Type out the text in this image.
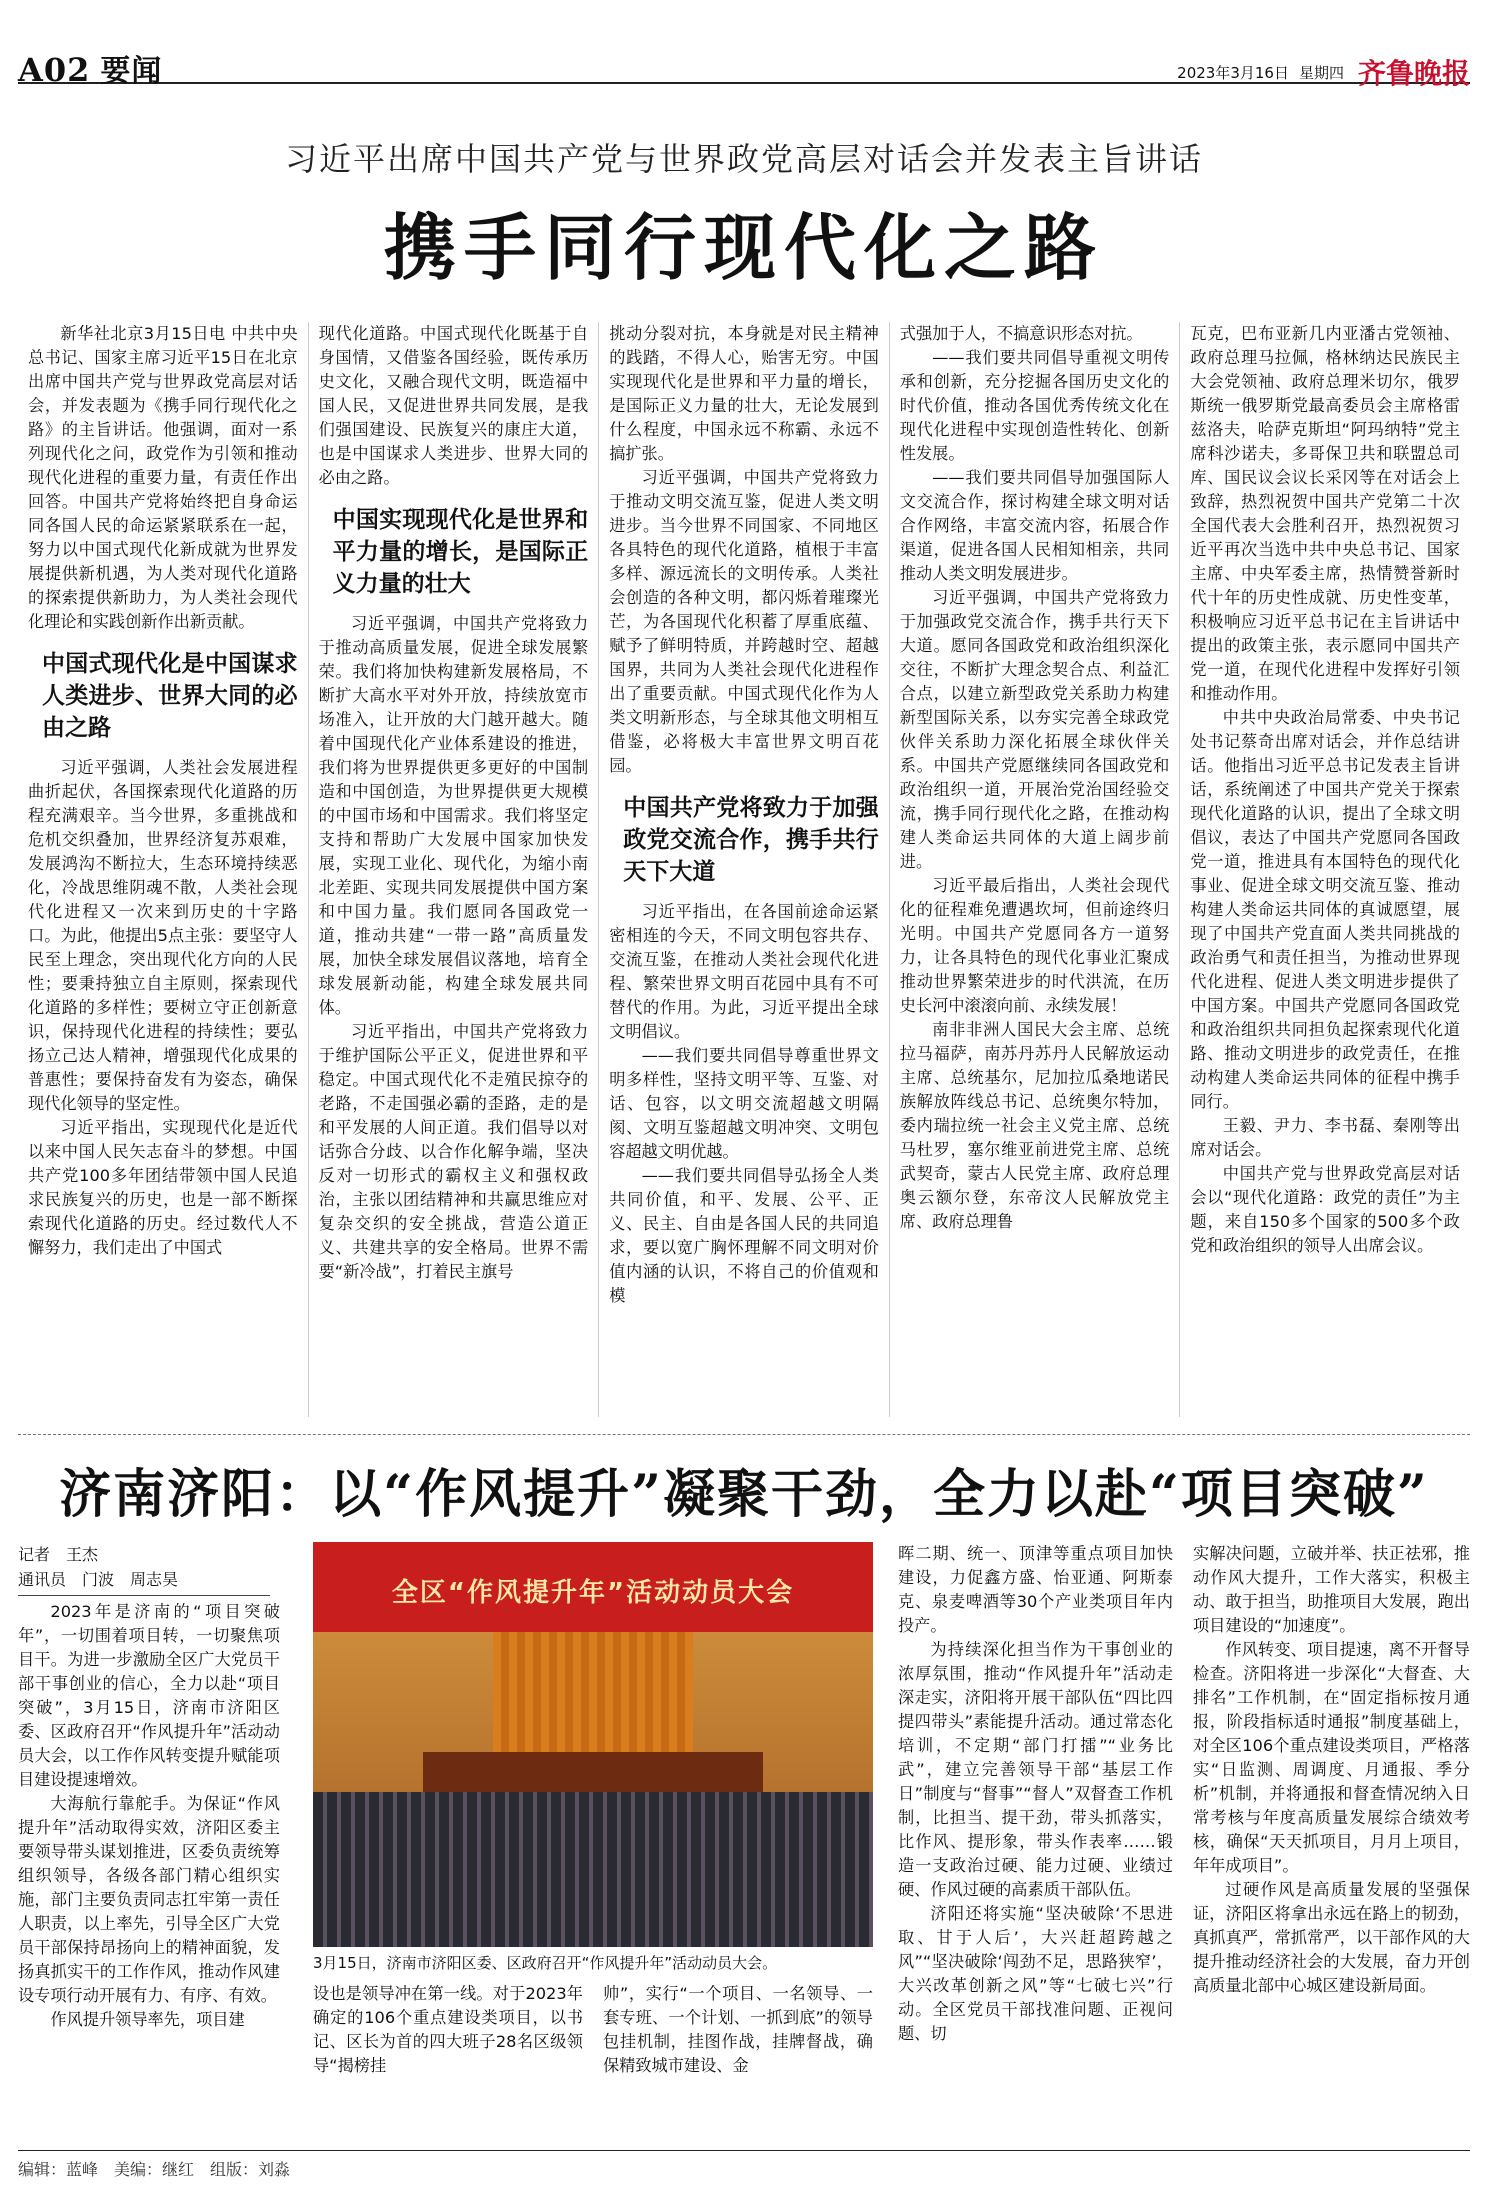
A02 要闻	2023年3月16日 星期四 齐鲁晚报
习近平出席中国共产党与世界政党高层对话会并发表主旨讲话
携手同行现代化之路

新华社北京3月15日电 中共中央总书记、国家主席习近平15日在北京出席中国共产党与世界政党高层对话会，并发表题为《携手同行现代化之路》的主旨讲话。他强调，面对一系列现代化之问，政党作为引领和推动现代化进程的重要力量，有责任作出回答。中国共产党将始终把自身命运同各国人民的命运紧紧联系在一起，努力以中国式现代化新成就为世界发展提供新机遇，为人类对现代化道路的探索提供新助力，为人类社会现代化理论和实践创新作出新贡献。

中国式现代化是中国谋求人类进步、世界大同的必由之路

习近平强调，人类社会发展进程曲折起伏，各国探索现代化道路的历程充满艰辛。当今世界，多重挑战和危机交织叠加，世界经济复苏艰难，发展鸿沟不断拉大，生态环境持续恶化，冷战思维阴魂不散，人类社会现代化进程又一次来到历史的十字路口。为此，他提出5点主张：要坚守人民至上理念，突出现代化方向的人民性；要秉持独立自主原则，探索现代化道路的多样性；要树立守正创新意识，保持现代化进程的持续性；要弘扬立己达人精神，增强现代化成果的普惠性；要保持奋发有为姿态，确保现代化领导的坚定性。

习近平指出，实现现代化是近代以来中国人民矢志奋斗的梦想。中国共产党100多年团结带领中国人民追求民族复兴的历史，也是一部不断探索现代化道路的历史。经过数代人不懈努力，我们走出了中国式

现代化道路。中国式现代化既基于自身国情，又借鉴各国经验，既传承历史文化，又融合现代文明，既造福中国人民，又促进世界共同发展，是我们强国建设、民族复兴的康庄大道，也是中国谋求人类进步、世界大同的必由之路。

中国实现现代化是世界和平力量的增长，是国际正义力量的壮大

习近平强调，中国共产党将致力于推动高质量发展，促进全球发展繁荣。我们将加快构建新发展格局，不断扩大高水平对外开放，持续放宽市场准入，让开放的大门越开越大。随着中国现代化产业体系建设的推进，我们将为世界提供更多更好的中国制造和中国创造，为世界提供更大规模的中国市场和中国需求。我们将坚定支持和帮助广大发展中国家加快发展，实现工业化、现代化，为缩小南北差距、实现共同发展提供中国方案和中国力量。我们愿同各国政党一道，推动共建“一带一路”高质量发展，加快全球发展倡议落地，培育全球发展新动能，构建全球发展共同体。

习近平指出，中国共产党将致力于维护国际公平正义，促进世界和平稳定。中国式现代化不走殖民掠夺的老路，不走国强必霸的歪路，走的是和平发展的人间正道。我们倡导以对话弥合分歧、以合作化解争端，坚决反对一切形式的霸权主义和强权政治，主张以团结精神和共赢思维应对复杂交织的安全挑战，营造公道正义、共建共享的安全格局。世界不需要“新冷战”，打着民主旗号

挑动分裂对抗，本身就是对民主精神的践踏，不得人心，贻害无穷。中国实现现代化是世界和平力量的增长，是国际正义力量的壮大，无论发展到什么程度，中国永远不称霸、永远不搞扩张。

习近平强调，中国共产党将致力于推动文明交流互鉴，促进人类文明进步。当今世界不同国家、不同地区各具特色的现代化道路，植根于丰富多样、源远流长的文明传承。人类社会创造的各种文明，都闪烁着璀璨光芒，为各国现代化积蓄了厚重底蕴、赋予了鲜明特质，并跨越时空、超越国界，共同为人类社会现代化进程作出了重要贡献。中国式现代化作为人类文明新形态，与全球其他文明相互借鉴，必将极大丰富世界文明百花园。

中国共产党将致力于加强政党交流合作，携手共行天下大道

习近平指出，在各国前途命运紧密相连的今天，不同文明包容共存、交流互鉴，在推动人类社会现代化进程、繁荣世界文明百花园中具有不可替代的作用。为此，习近平提出全球文明倡议。

——我们要共同倡导尊重世界文明多样性，坚持文明平等、互鉴、对话、包容，以文明交流超越文明隔阂、文明互鉴超越文明冲突、文明包容超越文明优越。

——我们要共同倡导弘扬全人类共同价值，和平、发展、公平、正义、民主、自由是各国人民的共同追求，要以宽广胸怀理解不同文明对价值内涵的认识，不将自己的价值观和模

式强加于人，不搞意识形态对抗。

——我们要共同倡导重视文明传承和创新，充分挖掘各国历史文化的时代价值，推动各国优秀传统文化在现代化进程中实现创造性转化、创新性发展。

——我们要共同倡导加强国际人文交流合作，探讨构建全球文明对话合作网络，丰富交流内容，拓展合作渠道，促进各国人民相知相亲，共同推动人类文明发展进步。

习近平强调，中国共产党将致力于加强政党交流合作，携手共行天下大道。愿同各国政党和政治组织深化交往，不断扩大理念契合点、利益汇合点，以建立新型政党关系助力构建新型国际关系，以夯实完善全球政党伙伴关系助力深化拓展全球伙伴关系。中国共产党愿继续同各国政党和政治组织一道，开展治党治国经验交流，携手同行现代化之路，在推动构建人类命运共同体的大道上阔步前进。

习近平最后指出，人类社会现代化的征程难免遭遇坎坷，但前途终归光明。中国共产党愿同各方一道努力，让各具特色的现代化事业汇聚成推动世界繁荣进步的时代洪流，在历史长河中滚滚向前、永续发展！

南非非洲人国民大会主席、总统拉马福萨，南苏丹苏丹人民解放运动主席、总统基尔，尼加拉瓜桑地诺民族解放阵线总书记、总统奥尔特加，委内瑞拉统一社会主义党主席、总统马杜罗，塞尔维亚前进党主席、总统武契奇，蒙古人民党主席、政府总理奥云额尔登，东帝汶人民解放党主席、政府总理鲁

瓦克，巴布亚新几内亚潘古党领袖、政府总理马拉佩，格林纳达民族民主大会党领袖、政府总理米切尔，俄罗斯统一俄罗斯党最高委员会主席格雷兹洛夫，哈萨克斯坦“阿玛纳特”党主席科沙诺夫，多哥保卫共和联盟总司库、国民议会议长采冈等在对话会上致辞，热烈祝贺中国共产党第二十次全国代表大会胜利召开，热烈祝贺习近平再次当选中共中央总书记、国家主席、中央军委主席，热情赞誉新时代十年的历史性成就、历史性变革，积极响应习近平总书记在主旨讲话中提出的政策主张，表示愿同中国共产党一道，在现代化进程中发挥好引领和推动作用。

中共中央政治局常委、中央书记处书记蔡奇出席对话会，并作总结讲话。他指出习近平总书记发表主旨讲话，系统阐述了中国共产党关于探索现代化道路的认识，提出了全球文明倡议，表达了中国共产党愿同各国政党一道，推进具有本国特色的现代化事业、促进全球文明交流互鉴、推动构建人类命运共同体的真诚愿望，展现了中国共产党直面人类共同挑战的政治勇气和责任担当，为推动世界现代化进程、促进人类文明进步提供了中国方案。中国共产党愿同各国政党和政治组织共同担负起探索现代化道路、推动文明进步的政党责任，在推动构建人类命运共同体的征程中携手同行。

王毅、尹力、李书磊、秦刚等出席对话会。

中国共产党与世界政党高层对话会以“现代化道路：政党的责任”为主题，来自150多个国家的500多个政党和政治组织的领导人出席会议。

济南济阳：以“作风提升”凝聚干劲，全力以赴“项目突破”
记者　王杰
通讯员　门波　周志昊

2023年是济南的“项目突破年”，一切围着项目转，一切聚焦项目干。为进一步激励全区广大党员干部干事创业的信心，全力以赴“项目突破”，3月15日，济南市济阳区委、区政府召开“作风提升年”活动动员大会，以工作作风转变提升赋能项目建设提速增效。

大海航行靠舵手。为保证“作风提升年”活动取得实效，济阳区委主要领导带头谋划推进，区委负责统筹组织领导，各级各部门精心组织实施，部门主要负责同志扛牢第一责任人职责，以上率先，引导全区广大党员干部保持昂扬向上的精神面貌，发扬真抓实干的工作作风，推动作风建设专项行动开展有力、有序、有效。

作风提升领导率先，项目建

全区“作风提升年”活动动员大会
3月15日，济南市济阳区委、区政府召开“作风提升年”活动动员大会。

设也是领导冲在第一线。对于2023年确定的106个重点建设类项目，以书记、区长为首的四大班子28名区级领导“揭榜挂

帅”，实行“一个项目、一名领导、一套专班、一个计划、一抓到底”的领导包挂机制，挂图作战，挂牌督战，确保精致城市建设、金

晖二期、统一、顶津等重点项目加快建设，力促鑫方盛、怡亚通、阿斯泰克、泉麦啤酒等30个产业类项目年内投产。

为持续深化担当作为干事创业的浓厚氛围，推动“作风提升年”活动走深走实，济阳将开展干部队伍“四比四提四带头”素能提升活动。通过常态化培训，不定期“部门打擂”“业务比武”，建立完善领导干部“基层工作日”制度与“督事”“督人”双督查工作机制，比担当、提干劲，带头抓落实，比作风、提形象，带头作表率……锻造一支政治过硬、能力过硬、业绩过硬、作风过硬的高素质干部队伍。

济阳还将实施“坚决破除‘不思进取、甘于人后’，大兴赶超跨越之风”“坚决破除‘闯劲不足，思路狭窄’，大兴改革创新之风”等“七破七兴”行动。全区党员干部找准问题、正视问题、切

实解决问题，立破并举、扶正祛邪，推动作风大提升，工作大落实，积极主动、敢于担当，助推项目大发展，跑出项目建设的“加速度”。

作风转变、项目提速，离不开督导检查。济阳将进一步深化“大督查、大排名”工作机制，在“固定指标按月通报，阶段指标适时通报”制度基础上，对全区106个重点建设类项目，严格落实“日监测、周调度、月通报、季分析”机制，并将通报和督查情况纳入日常考核与年度高质量发展综合绩效考核，确保“天天抓项目，月月上项目，年年成项目”。

过硬作风是高质量发展的坚强保证，济阳区将拿出永远在路上的韧劲，真抓真严，常抓常严，以干部作风的大提升推动经济社会的大发展，奋力开创高质量北部中心城区建设新局面。

编辑：蓝峰　美编：继红　组版：刘淼
